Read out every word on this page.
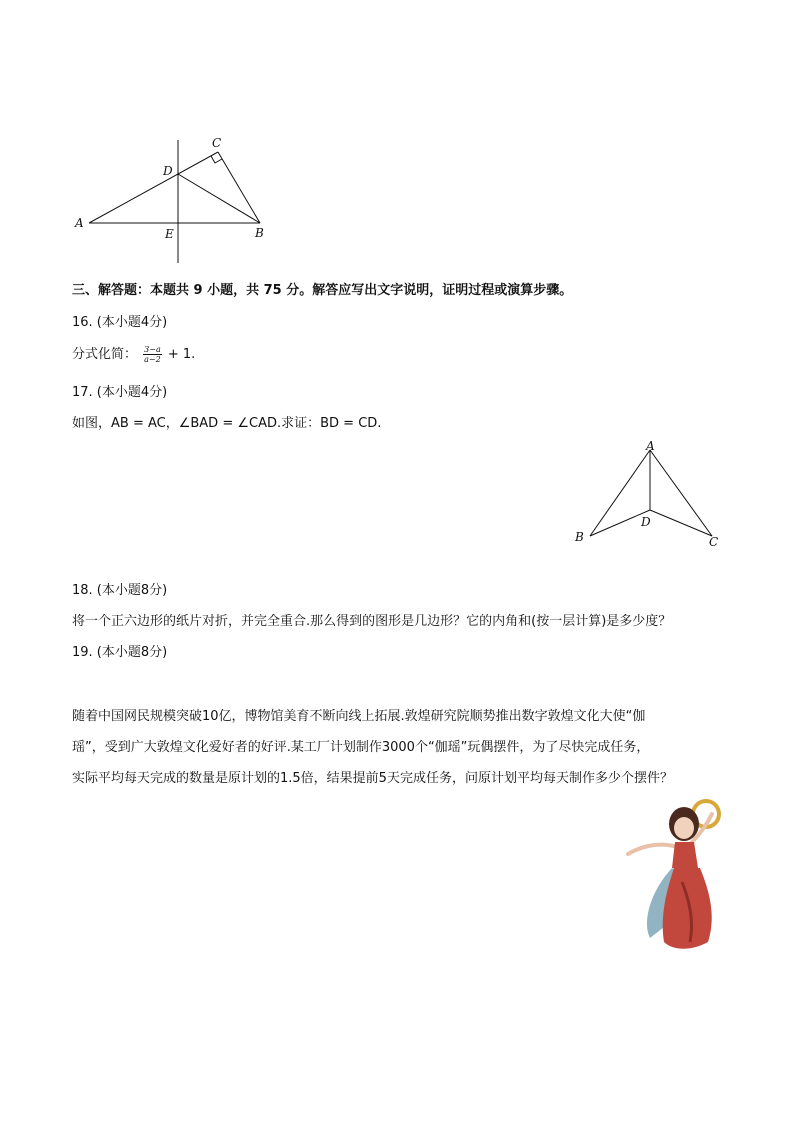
A
B
C
D
E
三、解答题：本题共 9 小题，共 75 分。解答应写出文字说明，证明过程或演算步骤。
16. (本小题4分)
分式化简： $\frac{3-a}{a-2} + 1$.
17. (本小题4分)
如图，AB = AC，∠BAD = ∠CAD.求证：BD = CD.
A
B	C
D
18. (本小题8分)
将一个正六边形的纸片对折，并完全重合.那么得到的图形是几边形？它的内角和(按一层计算)是多少度？
19. (本小题8分)
随着中国网民规模突破10亿，博物馆美育不断向线上拓展.敦煌研究院顺势推出数字敦煌文化大使“伽
瑶”，受到广大敦煌文化爱好者的好评.某工厂计划制作3000个“伽瑶”玩偶摆件，为了尽快完成任务，
实际平均每天完成的数量是原计划的1.5倍，结果提前5天完成任务，问原计划平均每天制作多少个摆件？
